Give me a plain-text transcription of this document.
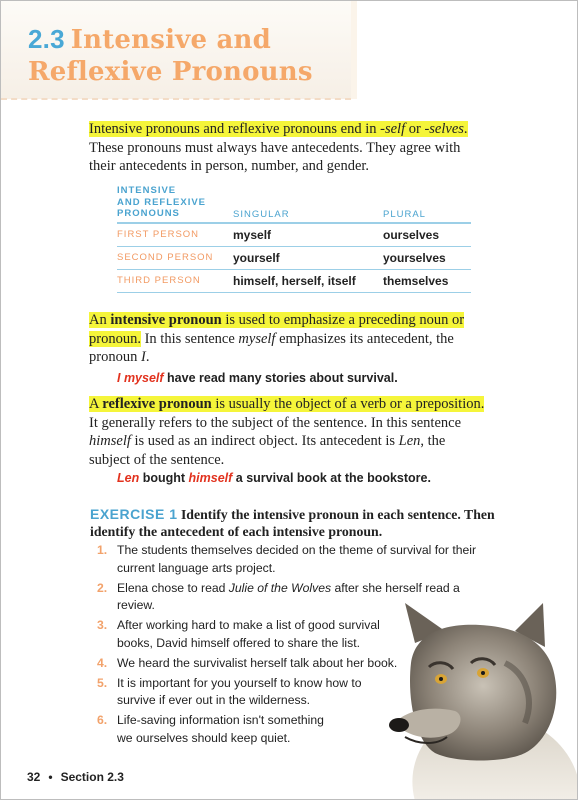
2.3 Intensive and
Reflexive Pronouns

Intensive pronouns and reflexive pronouns end in -self or -selves. These pronouns must always have antecedents. They agree with their antecedents in person, number, and gender.

INTENSIVE
AND REFLEXIVE
PRONOUNS	SINGULAR	PLURAL
FIRST PERSON	myself	ourselves
SECOND PERSON	yourself	yourselves
THIRD PERSON	himself, herself, itself	themselves

An intensive pronoun is used to emphasize a preceding noun or pronoun. In this sentence myself emphasizes its antecedent, the pronoun I.

I myself have read many stories about survival.

A reflexive pronoun is usually the object of a verb or a preposition. It generally refers to the subject of the sentence. In this sentence himself is used as an indirect object. Its antecedent is Len, the subject of the sentence.

Len bought himself a survival book at the bookstore.

EXERCISE 1 Identify the intensive pronoun in each sentence. Then identify the antecedent of each intensive pronoun.

1. The students themselves decided on the theme of survival for their current language arts project.
2. Elena chose to read Julie of the Wolves after she herself read a review.
3. After working hard to make a list of good survival books, David himself offered to share the list.
4. We heard the survivalist herself talk about her book.
5. It is important for you yourself to know how to survive if ever out in the wilderness.
6. Life-saving information isn't something we ourselves should keep quiet.

32 • Section 2.3
